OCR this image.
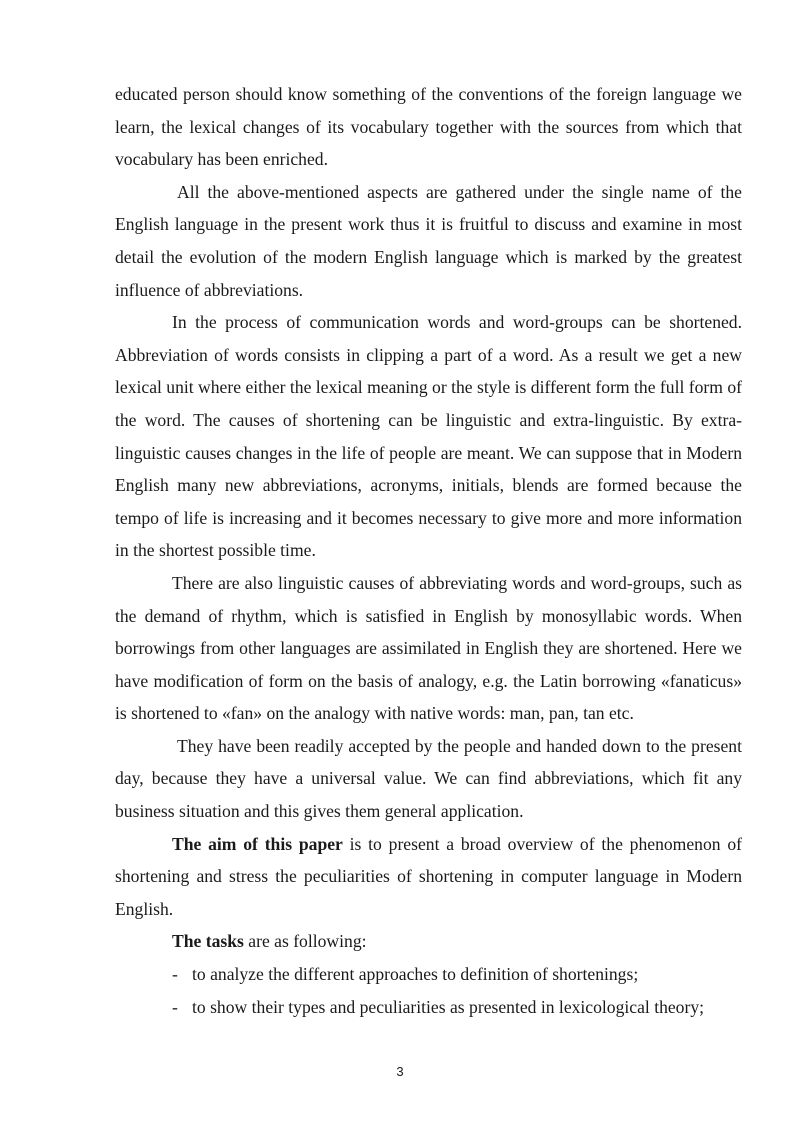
educated person should know something of the conventions of the foreign language we learn, the lexical changes of its vocabulary together with the sources from which that vocabulary has been enriched.

All the above-mentioned aspects are gathered under the single name of the English language in the present work thus it is fruitful to discuss and examine in most detail the evolution of the modern English language which is marked by the greatest influence of abbreviations.

In the process of communication words and word-groups can be shortened. Abbreviation of words consists in clipping a part of a word. As a result we get a new lexical unit where either the lexical meaning or the style is different form the full form of the word. The causes of shortening can be linguistic and extra-linguistic. By extra-linguistic causes changes in the life of people are meant. We can suppose that in Modern English many new abbreviations, acronyms, initials, blends are formed because the tempo of life is increasing and it becomes necessary to give more and more information in the shortest possible time.

There are also linguistic causes of abbreviating words and word-groups, such as the demand of rhythm, which is satisfied in English by monosyllabic words. When borrowings from other languages are assimilated in English they are shortened. Here we have modification of form on the basis of analogy, e.g. the Latin borrowing «fanaticus» is shortened to «fan» on the analogy with native words: man, pan, tan etc.

They have been readily accepted by the people and handed down to the present day, because they have a universal value. We can find abbreviations, which fit any business situation and this gives them general application.

The aim of this paper is to present a broad overview of the phenomenon of shortening and stress the peculiarities of shortening in computer language in Modern English.

The tasks are as following:

- to analyze the different approaches to definition of shortenings;
- to show their types and peculiarities as presented in lexicological theory;
3
